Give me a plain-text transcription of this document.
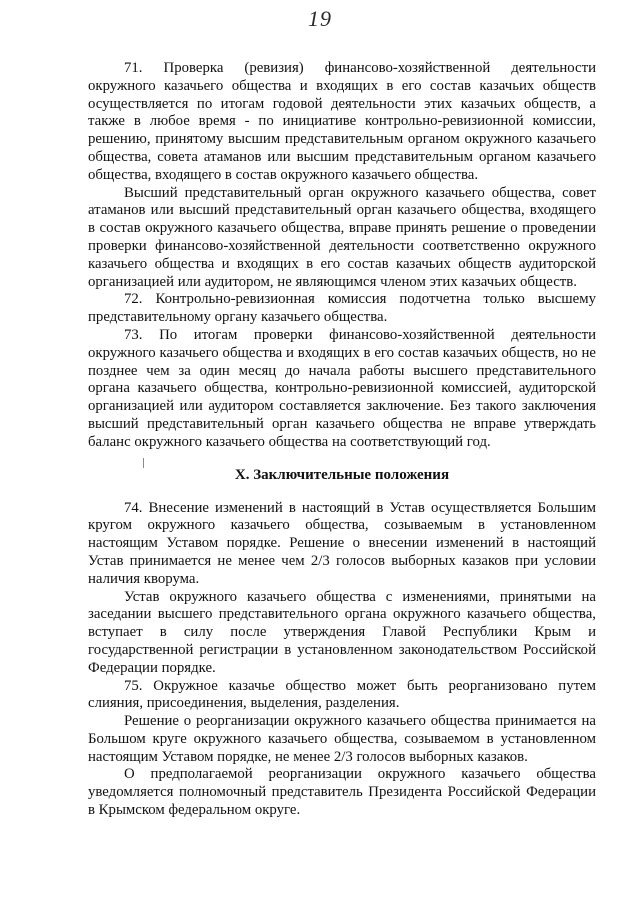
19

71. Проверка (ревизия) финансово-хозяйственной деятельности окружного казачьего общества и входящих в его состав казачьих обществ осуществляется по итогам годовой деятельности этих казачьих обществ, а также в любое время - по инициативе контрольно-ревизионной комиссии, решению, принятому высшим представительным органом окружного казачьего общества, совета атаманов или высшим представительным органом казачьего общества, входящего в состав окружного казачьего общества.

Высший представительный орган окружного казачьего общества, совет атаманов или высший представительный орган казачьего общества, входящего в состав окружного казачьего общества, вправе принять решение о проведении проверки финансово-хозяйственной деятельности соответственно окружного казачьего общества и входящих в его состав казачьих обществ аудиторской организацией или аудитором, не являющимся членом этих казачьих обществ.

72. Контрольно-ревизионная комиссия подотчетна только высшему представительному органу казачьего общества.

73. По итогам проверки финансово-хозяйственной деятельности окружного казачьего общества и входящих в его состав казачьих обществ, но не позднее чем за один месяц до начала работы высшего представительного органа казачьего общества, контрольно-ревизионной комиссией, аудиторской организацией или аудитором составляется заключение. Без такого заключения высший представительный орган казачьего общества не вправе утверждать баланс окружного казачьего общества на соответствующий год.

X. Заключительные положения

74. Внесение изменений в настоящий в Устав осуществляется Большим кругом окружного казачьего общества, созываемым в установленном настоящим Уставом порядке. Решение о внесении изменений в настоящий Устав принимается не менее чем 2/3 голосов выборных казаков при условии наличия кворума.

Устав окружного казачьего общества с изменениями, принятыми на заседании высшего представительного органа окружного казачьего общества, вступает в силу после утверждения Главой Республики Крым и государственной регистрации в установленном законодательством Российской Федерации порядке.

75. Окружное казачье общество может быть реорганизовано путем слияния, присоединения, выделения, разделения.

Решение о реорганизации окружного казачьего общества принимается на Большом круге окружного казачьего общества, созываемом в установленном настоящим Уставом порядке, не менее 2/3 голосов выборных казаков.

О предполагаемой реорганизации окружного казачьего общества уведомляется полномочный представитель Президента Российской Федерации в Крымском федеральном округе.
